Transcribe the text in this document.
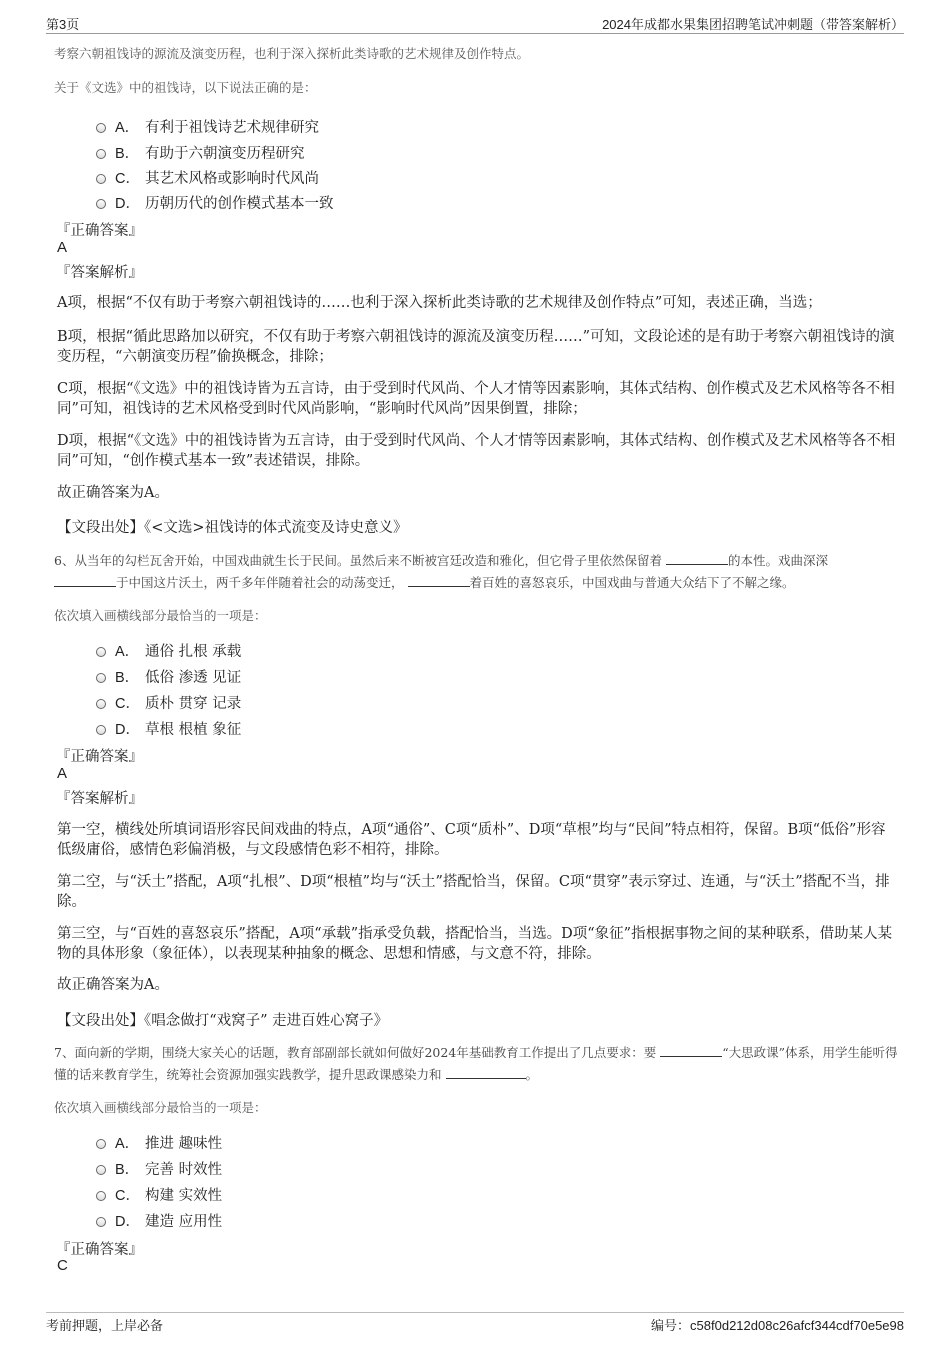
第3页	2024年成都水果集团招聘笔试冲刺题（带答案解析）
考察六朝祖饯诗的源流及演变历程，也利于深入探析此类诗歌的艺术规律及创作特点。
关于《文选》中的祖饯诗，以下说法正确的是：
A． 有利于祖饯诗艺术规律研究
B． 有助于六朝演变历程研究
C． 其艺术风格或影响时代风尚
D． 历朝历代的创作模式基本一致
『正确答案』
A
『答案解析』
A项，根据“不仅有助于考察六朝祖饯诗的……也利于深入探析此类诗歌的艺术规律及创作特点”可知，表述正确，当选；
B项，根据“循此思路加以研究，不仅有助于考察六朝祖饯诗的源流及演变历程……”可知，文段论述的是有助于考察六朝祖饯诗的演变历程，“六朝演变历程”偷换概念，排除；
C项，根据“《文选》中的祖饯诗皆为五言诗，由于受到时代风尚、个人才情等因素影响，其体式结构、创作模式及艺术风格等各不相同”可知，祖饯诗的艺术风格受到时代风尚影响，“影响时代风尚”因果倒置，排除；
D项，根据“《文选》中的祖饯诗皆为五言诗，由于受到时代风尚、个人才情等因素影响，其体式结构、创作模式及艺术风格等各不相同”可知，“创作模式基本一致”表述错误，排除。
故正确答案为A。
【文段出处】《<文选>祖饯诗的体式流变及诗史意义》
6、从当年的勾栏瓦舍开始，中国戏曲就生长于民间。虽然后来不断被宫廷改造和雅化，但它骨子里依然保留着	的本性。戏曲深深
于中国这片沃土，两千多年伴随着社会的动荡变迁，	着百姓的喜怒哀乐，中国戏曲与普通大众结下了不解之缘。
依次填入画横线部分最恰当的一项是：
A． 通俗 扎根 承载
B． 低俗 渗透 见证
C． 质朴 贯穿 记录
D． 草根 根植 象征
『正确答案』
A
『答案解析』
第一空，横线处所填词语形容民间戏曲的特点，A项“通俗”、C项“质朴”、D项“草根”均与“民间”特点相符，保留。B项“低俗”形容低级庸俗，感情色彩偏消极，与文段感情色彩不相符，排除。
第二空，与“沃土”搭配，A项“扎根”、D项“根植”均与“沃土”搭配恰当，保留。C项“贯穿”表示穿过、连通，与“沃土”搭配不当，排除。
第三空，与“百姓的喜怒哀乐”搭配，A项“承载”指承受负载，搭配恰当，当选。D项“象征”指根据事物之间的某种联系，借助某人某物的具体形象（象征体），以表现某种抽象的概念、思想和情感，与文意不符，排除。
故正确答案为A。
【文段出处】《唱念做打“戏窝子” 走进百姓心窝子》
7、面向新的学期，围绕大家关心的话题，教育部副部长就如何做好2024年基础教育工作提出了几点要求：要	“大思政课”体系，用学生能听得懂的话来教育学生，统筹社会资源加强实践教学，提升思政课感染力和	。
依次填入画横线部分最恰当的一项是：
A． 推进 趣味性
B． 完善 时效性
C． 构建 实效性
D． 建造 应用性
『正确答案』
C
考前押题，上岸必备	编号：c58f0d212d08c26afcf344cdf70e5e98
